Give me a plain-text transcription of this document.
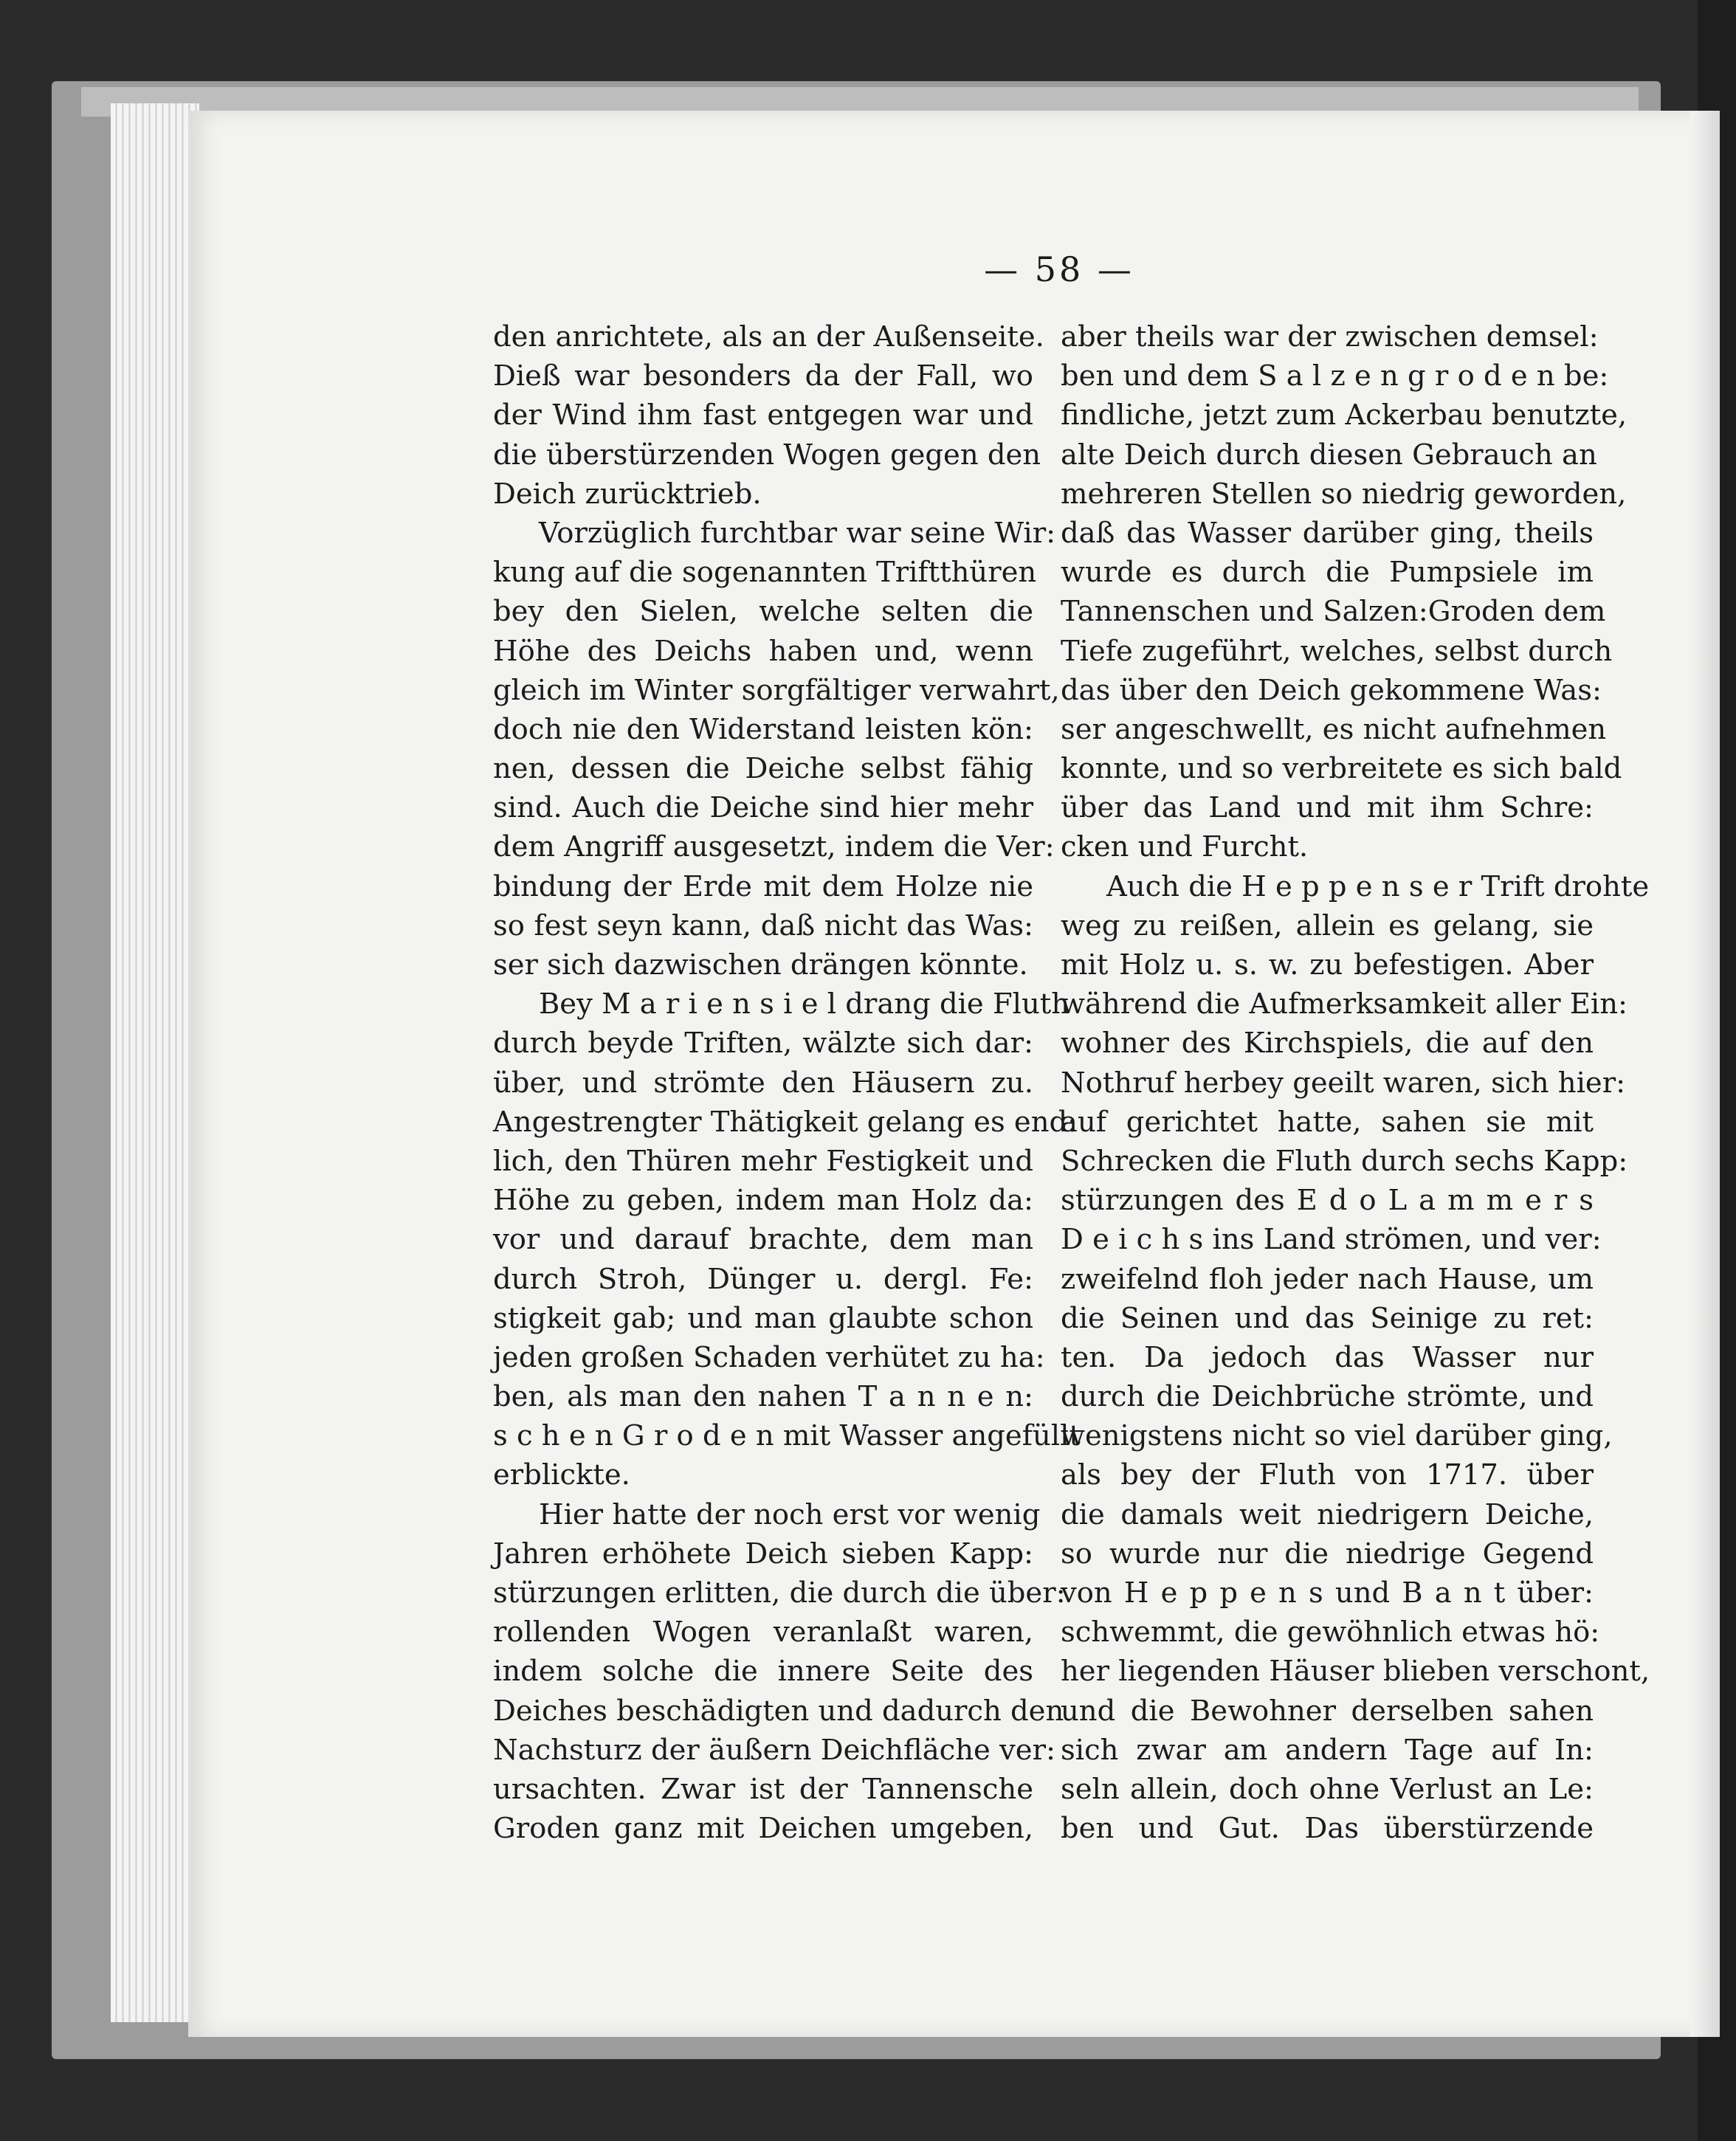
— 58 —
den anrichtete, als an der Außenseite.
Dieß war besonders da der Fall, wo
der Wind ihm fast entgegen war und
die überstürzenden Wogen gegen den
Deich zurücktrieb.
Vorzüglich furchtbar war seine Wir:
kung auf die sogenannten Triftthüren
bey den Sielen, welche selten die
Höhe des Deichs haben und, wenn
gleich im Winter sorgfältiger verwahrt,
doch nie den Widerstand leisten kön:
nen, dessen die Deiche selbst fähig
sind. Auch die Deiche sind hier mehr
dem Angriff ausgesetzt, indem die Ver:
bindung der Erde mit dem Holze nie
so fest seyn kann, daß nicht das Was:
ser sich dazwischen drängen könnte.
Bey M a r i e n s i e l drang die Fluth
durch beyde Triften, wälzte sich dar:
über, und strömte den Häusern zu.
Angestrengter Thätigkeit gelang es end:
lich, den Thüren mehr Festigkeit und
Höhe zu geben, indem man Holz da:
vor und darauf brachte, dem man
durch Stroh, Dünger u. dergl. Fe:
stigkeit gab; und man glaubte schon
jeden großen Schaden verhütet zu ha:
ben, als man den nahen T a n n e n:
s c h e n G r o d e n mit Wasser angefüllt
erblickte.
Hier hatte der noch erst vor wenig
Jahren erhöhete Deich sieben Kapp:
stürzungen erlitten, die durch die über:
rollenden Wogen veranlaßt waren,
indem solche die innere Seite des
Deiches beschädigten und dadurch den
Nachsturz der äußern Deichfläche ver:
ursachten. Zwar ist der Tannensche
Groden ganz mit Deichen umgeben,
aber theils war der zwischen demsel:
ben und dem S a l z e n g r o d e n be:
findliche, jetzt zum Ackerbau benutzte,
alte Deich durch diesen Gebrauch an
mehreren Stellen so niedrig geworden,
daß das Wasser darüber ging, theils
wurde es durch die Pumpsiele im
Tannenschen und Salzen:Groden dem
Tiefe zugeführt, welches, selbst durch
das über den Deich gekommene Was:
ser angeschwellt, es nicht aufnehmen
konnte, und so verbreitete es sich bald
über das Land und mit ihm Schre:
cken und Furcht.
Auch die H e p p e n s e r Trift drohte
weg zu reißen, allein es gelang, sie
mit Holz u. s. w. zu befestigen. Aber
während die Aufmerksamkeit aller Ein:
wohner des Kirchspiels, die auf den
Nothruf herbey geeilt waren, sich hier:
auf gerichtet hatte, sahen sie mit
Schrecken die Fluth durch sechs Kapp:
stürzungen des E d o L a m m e r s
D e i c h s ins Land strömen, und ver:
zweifelnd floh jeder nach Hause, um
die Seinen und das Seinige zu ret:
ten. Da jedoch das Wasser nur
durch die Deichbrüche strömte, und
wenigstens nicht so viel darüber ging,
als bey der Fluth von 1717. über
die damals weit niedrigern Deiche,
so wurde nur die niedrige Gegend
von H e p p e n s und B a n t über:
schwemmt, die gewöhnlich etwas hö:
her liegenden Häuser blieben verschont,
und die Bewohner derselben sahen
sich zwar am andern Tage auf In:
seln allein, doch ohne Verlust an Le:
ben und Gut. Das überstürzende
